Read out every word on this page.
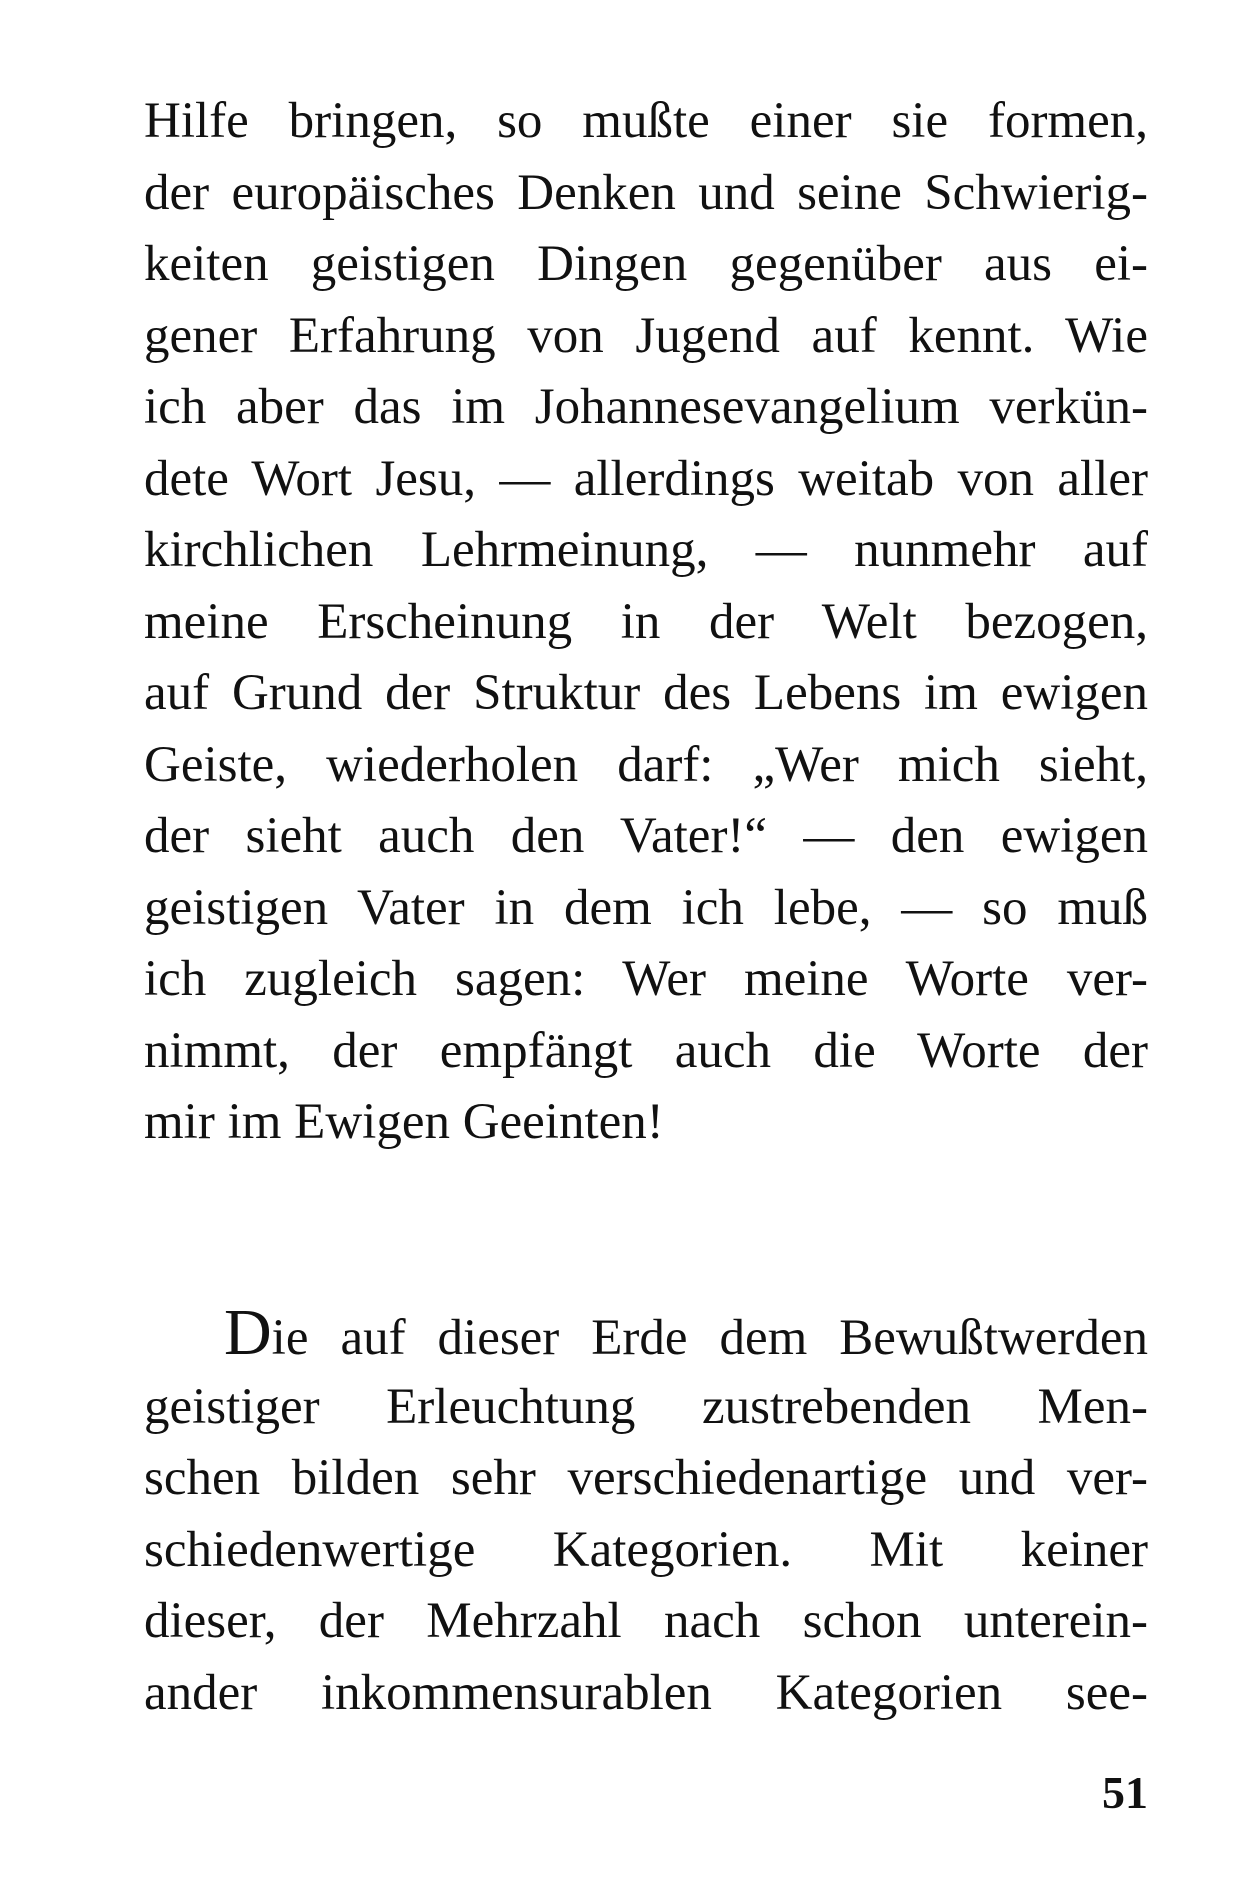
Hilfe bringen, so mußte einer sie formen,
der europäisches Denken und seine Schwierig-
keiten geistigen Dingen gegenüber aus ei-
gener Erfahrung von Jugend auf kennt. Wie
ich aber das im Johannesevangelium verkün-
dete Wort Jesu, — allerdings weitab von aller
kirchlichen Lehrmeinung, — nunmehr auf
meine Erscheinung in der Welt bezogen,
auf Grund der Struktur des Lebens im ewigen
Geiste, wiederholen darf: „Wer mich sieht,
der sieht auch den Vater!“ — den ewigen
geistigen Vater in dem ich lebe, — so muß
ich zugleich sagen: Wer meine Worte ver-
nimmt, der empfängt auch die Worte der
mir im Ewigen Geeinten!
Die auf dieser Erde dem Bewußtwerden
geistiger Erleuchtung zustrebenden Men-
schen bilden sehr verschiedenartige und ver-
schiedenwertige Kategorien. Mit keiner
dieser, der Mehrzahl nach schon unterein-
ander inkommensurablen Kategorien see-
51
